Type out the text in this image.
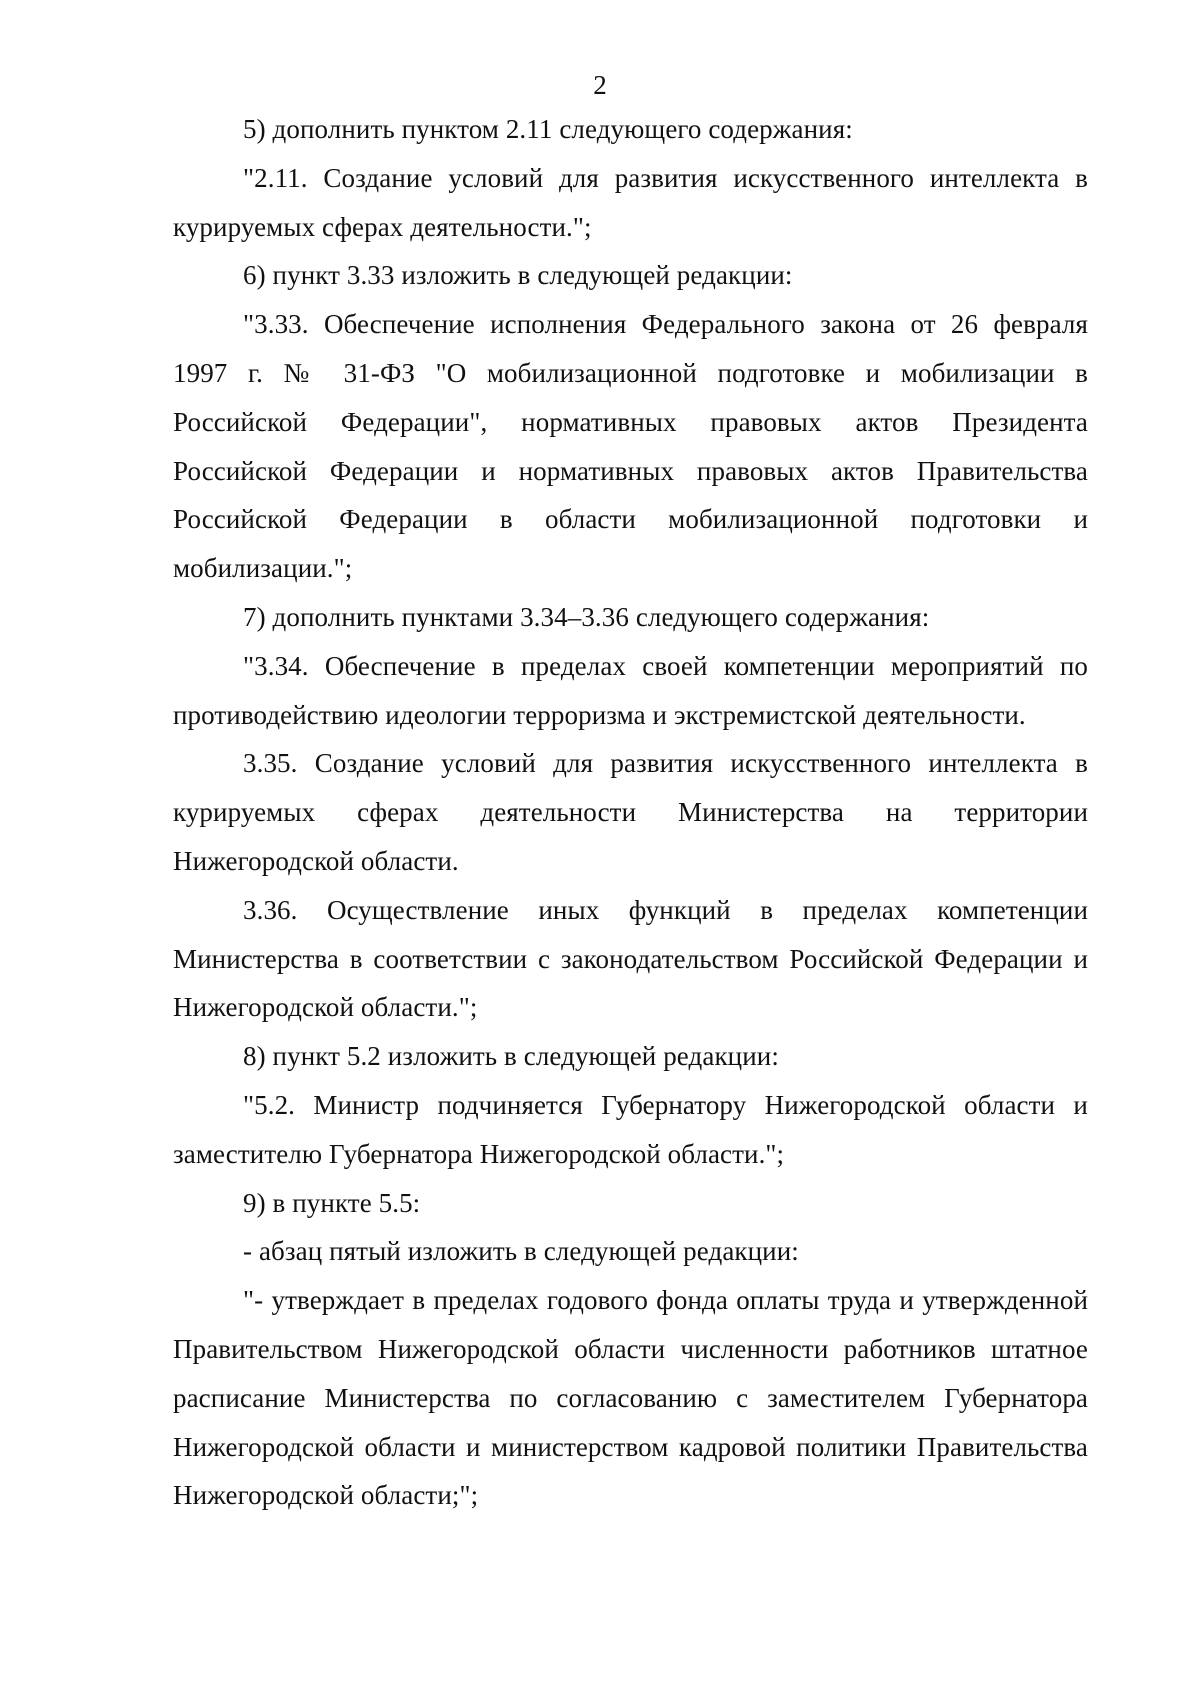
2

5) дополнить пунктом 2.11 следующего содержания:

"2.11. Создание условий для развития искусственного интеллекта в курируемых сферах деятельности.";

6) пункт 3.33 изложить в следующей редакции:

"3.33. Обеспечение исполнения Федерального закона от 26 февраля 1997 г. № 31-ФЗ "О мобилизационной подготовке и мобилизации в Российской Федерации", нормативных правовых актов Президента Российской Федерации и нормативных правовых актов Правительства Российской Федерации в области мобилизационной подготовки и мобилизации.";

7) дополнить пунктами 3.34–3.36 следующего содержания:

"3.34. Обеспечение в пределах своей компетенции мероприятий по противодействию идеологии терроризма и экстремистской деятельности.

3.35. Создание условий для развития искусственного интеллекта в курируемых сферах деятельности Министерства на территории Нижегородской области.

3.36. Осуществление иных функций в пределах компетенции Министерства в соответствии с законодательством Российской Федерации и Нижегородской области.";

8) пункт 5.2 изложить в следующей редакции:

"5.2. Министр подчиняется Губернатору Нижегородской области и заместителю Губернатора Нижегородской области.";

9) в пункте 5.5:

- абзац пятый изложить в следующей редакции:

"- утверждает в пределах годового фонда оплаты труда и утвержденной Правительством Нижегородской области численности работников штатное расписание Министерства по согласованию с заместителем Губернатора Нижегородской области и министерством кадровой политики Правительства Нижегородской области;";
